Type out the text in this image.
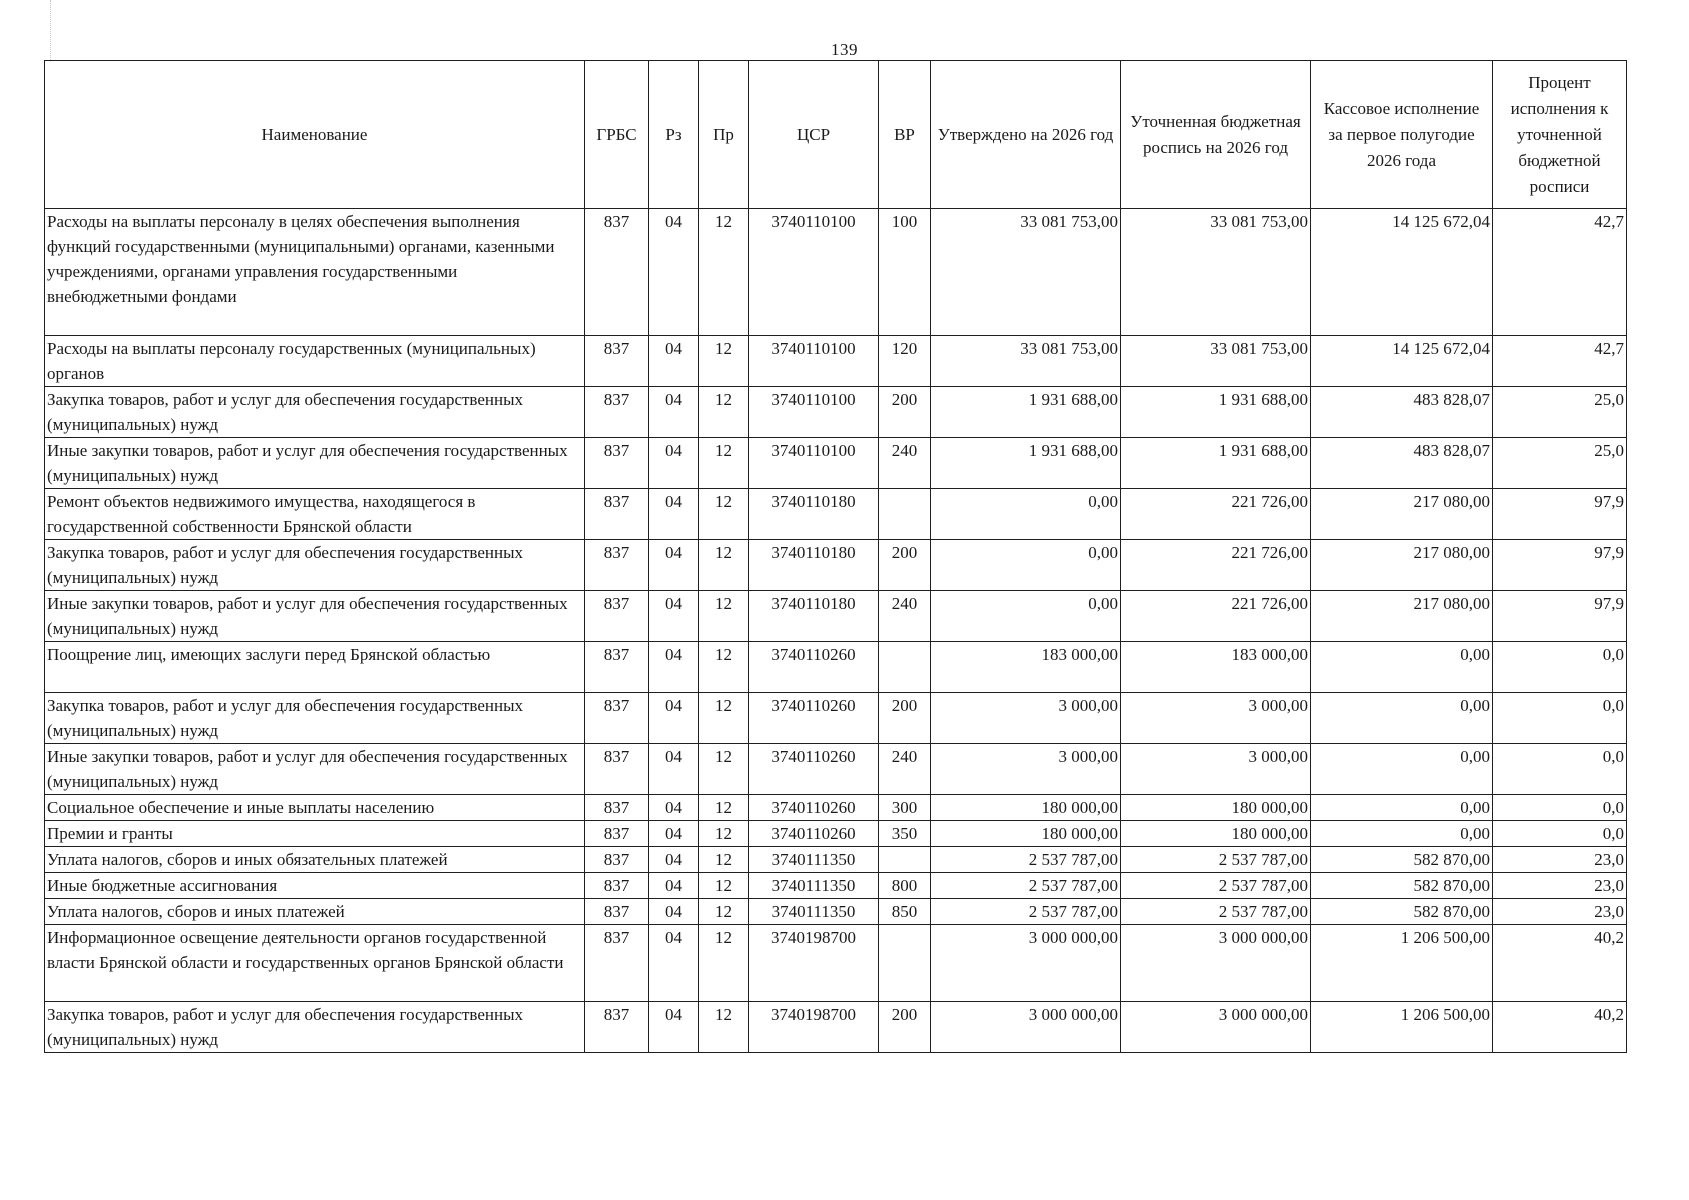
139
Наименование	ГРБС	Рз	Пр	ЦСР	ВР	Утверждено на 2026 год	Уточненная бюджетная роспись на 2026 год	Кассовое исполнение за первое полугодие 2026 года	Процент исполнения к уточненной бюджетной росписи
Расходы на выплаты персоналу в целях обеспечения выполнения функций государственными (муниципальными) органами, казенными учреждениями, органами управления государственными внебюджетными фондами	837	04	12	3740110100	100	33 081 753,00	33 081 753,00	14 125 672,04	42,7
Расходы на выплаты персоналу государственных (муниципальных) органов	837	04	12	3740110100	120	33 081 753,00	33 081 753,00	14 125 672,04	42,7
Закупка товаров, работ и услуг для обеспечения государственных (муниципальных) нужд	837	04	12	3740110100	200	1 931 688,00	1 931 688,00	483 828,07	25,0
Иные закупки товаров, работ и услуг для обеспечения государственных (муниципальных) нужд	837	04	12	3740110100	240	1 931 688,00	1 931 688,00	483 828,07	25,0
Ремонт объектов недвижимого имущества, находящегося в государственной собственности Брянской области	837	04	12	3740110180		0,00	221 726,00	217 080,00	97,9
Закупка товаров, работ и услуг для обеспечения государственных (муниципальных) нужд	837	04	12	3740110180	200	0,00	221 726,00	217 080,00	97,9
Иные закупки товаров, работ и услуг для обеспечения государственных (муниципальных) нужд	837	04	12	3740110180	240	0,00	221 726,00	217 080,00	97,9
Поощрение лиц, имеющих заслуги перед Брянской областью	837	04	12	3740110260		183 000,00	183 000,00	0,00	0,0
Закупка товаров, работ и услуг для обеспечения государственных (муниципальных) нужд	837	04	12	3740110260	200	3 000,00	3 000,00	0,00	0,0
Иные закупки товаров, работ и услуг для обеспечения государственных (муниципальных) нужд	837	04	12	3740110260	240	3 000,00	3 000,00	0,00	0,0
Социальное обеспечение и иные выплаты населению	837	04	12	3740110260	300	180 000,00	180 000,00	0,00	0,0
Премии и гранты	837	04	12	3740110260	350	180 000,00	180 000,00	0,00	0,0
Уплата налогов, сборов и иных обязательных платежей	837	04	12	3740111350		2 537 787,00	2 537 787,00	582 870,00	23,0
Иные бюджетные ассигнования	837	04	12	3740111350	800	2 537 787,00	2 537 787,00	582 870,00	23,0
Уплата налогов, сборов и иных платежей	837	04	12	3740111350	850	2 537 787,00	2 537 787,00	582 870,00	23,0
Информационное освещение деятельности органов государственной власти Брянской области и государственных органов Брянской области	837	04	12	3740198700		3 000 000,00	3 000 000,00	1 206 500,00	40,2
Закупка товаров, работ и услуг для обеспечения государственных (муниципальных) нужд	837	04	12	3740198700	200	3 000 000,00	3 000 000,00	1 206 500,00	40,2
